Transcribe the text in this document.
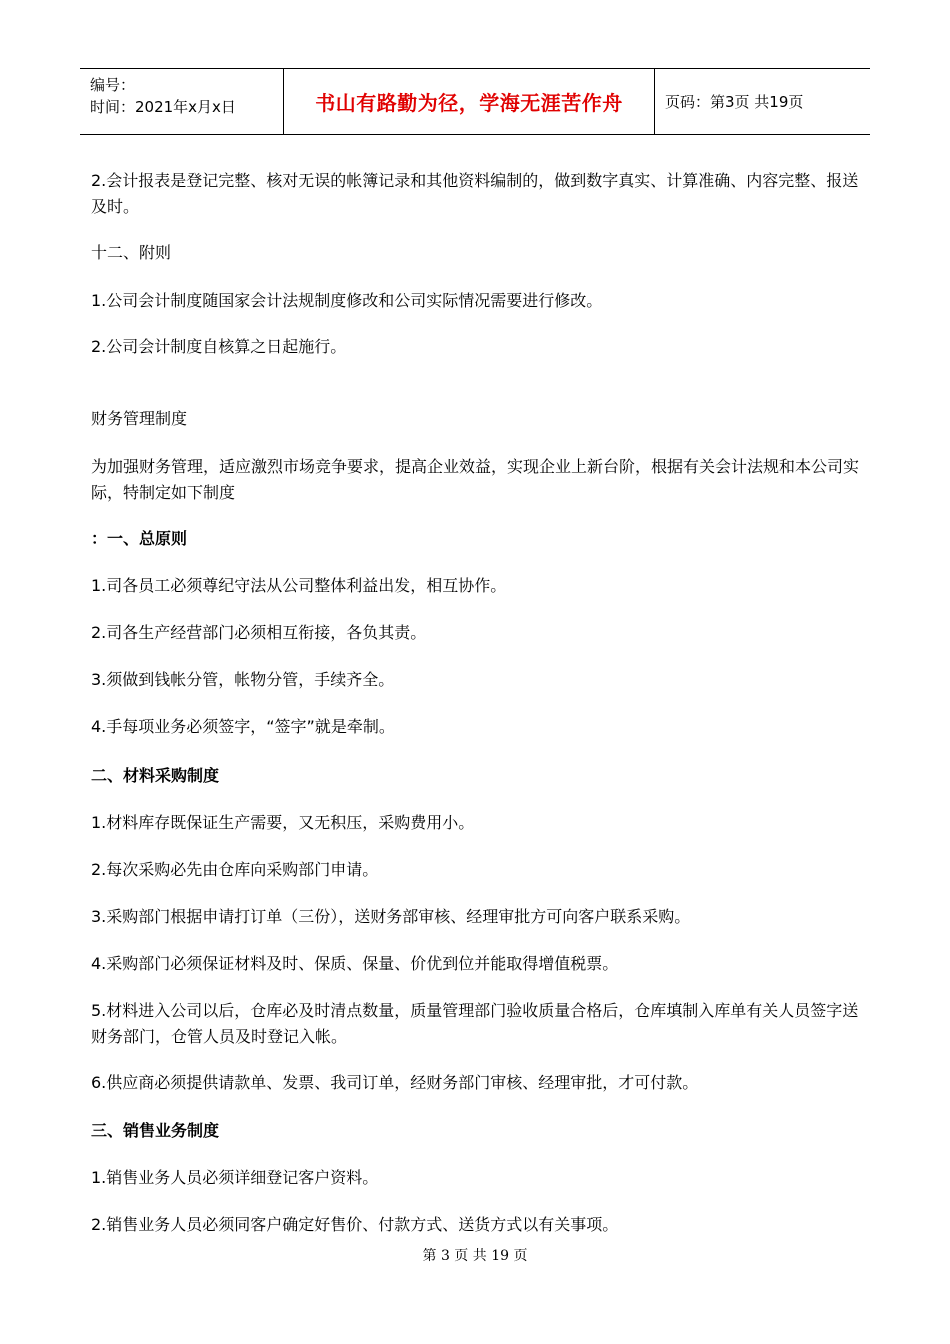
编号：
时间：2021年x月x日	书山有路勤为径，学海无涯苦作舟	页码：第3页 共19页

2.会计报表是登记完整、核对无误的帐簿记录和其他资料编制的，做到数字真实、计算准确、内容完整、报送及时。

十二、附则

1.公司会计制度随国家会计法规制度修改和公司实际情况需要进行修改。

2.公司会计制度自核算之日起施行。

财务管理制度

为加强财务管理，适应激烈市场竞争要求，提高企业效益，实现企业上新台阶，根据有关会计法规和本公司实际，特制定如下制度

：一、总原则

1.司各员工必须尊纪守法从公司整体利益出发，相互协作。

2.司各生产经营部门必须相互衔接，各负其责。

3.须做到钱帐分管，帐物分管，手续齐全。

4.手每项业务必须签字，“签字”就是牵制。

二、材料采购制度

1.材料库存既保证生产需要，又无积压，采购费用小。

2.每次采购必先由仓库向采购部门申请。

3.采购部门根据申请打订单（三份），送财务部审核、经理审批方可向客户联系采购。

4.采购部门必须保证材料及时、保质、保量、价优到位并能取得增值税票。

5.材料进入公司以后，仓库必及时清点数量，质量管理部门验收质量合格后，仓库填制入库单有关人员签字送财务部门，仓管人员及时登记入帐。

6.供应商必须提供请款单、发票、我司订单，经财务部门审核、经理审批，才可付款。

三、销售业务制度

1.销售业务人员必须详细登记客户资料。

2.销售业务人员必须同客户确定好售价、付款方式、送货方式以有关事项。

第 3 页 共 19 页
